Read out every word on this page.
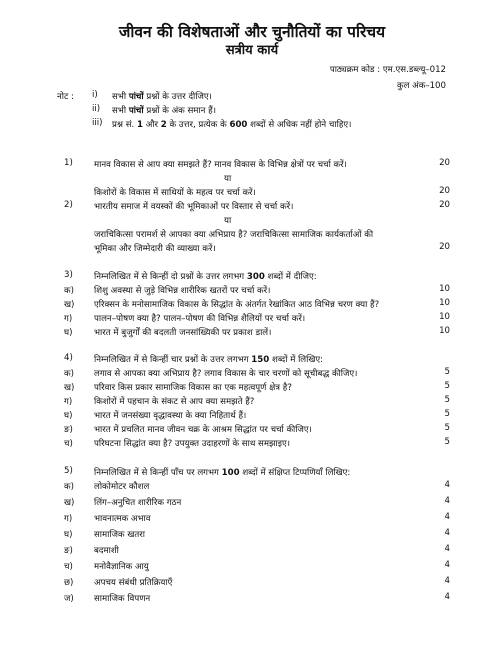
जीवन की विशेषताओं और चुनौतियों का परिचय
सत्रीय कार्य
पाठ्यक्रम कोड : एम.एस.डब्ल्यू–012
कुल अंक–100
नोट : i) सभी पांचों प्रश्नों के उत्तर दीजिए।
ii) सभी पांचों प्रश्नों के अंक समान हैं।
iii) प्रश्न सं. 1 और 2 के उत्तर, प्रत्येक के 600 शब्दों से अधिक नहीं होने चाहिए।
1) मानव विकास से आप क्या समझते हैं? मानव विकास के विभिन्न क्षेत्रों पर चर्चा करें।	20
या
किशोरों के विकास में साथियों के महत्व पर चर्चा करें।	20
2) भारतीय समाज में वयस्कों की भूमिकाओं पर विस्तार से चर्चा करें।	20
या
जराचिकित्सा परामर्श से आपका क्या अभिप्राय है? जराचिकित्सा सामाजिक कार्यकर्ताओं की
भूमिका और जिम्मेदारी की व्याख्या करें।	20
3) निम्नलिखित में से किन्हीं दो प्रश्नों के उत्तर लगभग 300 शब्दों में दीजिए:
क) शिशु अवस्था से जुड़े विभिन्न शारीरिक खतरों पर चर्चा करें।	10
ख) एरिक्सन के मनोसामाजिक विकास के सिद्धांत के अंतर्गत रेखांकित आठ विभिन्न चरण क्या हैं?	10
ग)	पालन–पोषण क्या है? पालन–पोषण की विभिन्न शैलियों पर चर्चा करें।	10
घ)	भारत में बुजुर्गों की बदलती जनसांख्यिकी पर प्रकाश डालें।	10
4) निम्नलिखित में से किन्हीं चार प्रश्नों के उत्तर लगभग 150 शब्दों में लिखिए:
क) लगाव से आपका क्या अभिप्राय है? लगाव विकास के चार चरणों को सूचीबद्ध कीजिए।	5
ख) परिवार किस प्रकार सामाजिक विकास का एक महत्वपूर्ण क्षेत्र है?	5
ग)	किशोरों में पहचान के संकट से आप क्या समझते हैं?	5
घ)	भारत में जनसंख्या वृद्धावस्था के क्या निहितार्थ हैं।	5
ङ) भारत में प्रचलित मानव जीवन चक्र के आश्रम सिद्धांत पर चर्चा कीजिए।	5
च) परिघटना सिद्धांत क्या है? उपयुक्त उदाहरणों के साथ समझाइए।	5
5) निम्नलिखित में से किन्हीं पाँच पर लगभग 100 शब्दों में संक्षिप्त टिप्पणियाँ लिखिए:
क) लोकोमोटर कौशल	4
ख) लिंग–अनुचित शारीरिक गठन	4
ग)	भावनात्मक अभाव	4
घ)	सामाजिक खतरा	4
ङ) बदमाशी	4
च) मनोवैज्ञानिक आयु	4
छ) अपचय संबंधी प्रतिक्रियाएँ	4
ज) सामाजिक विपणन	4
